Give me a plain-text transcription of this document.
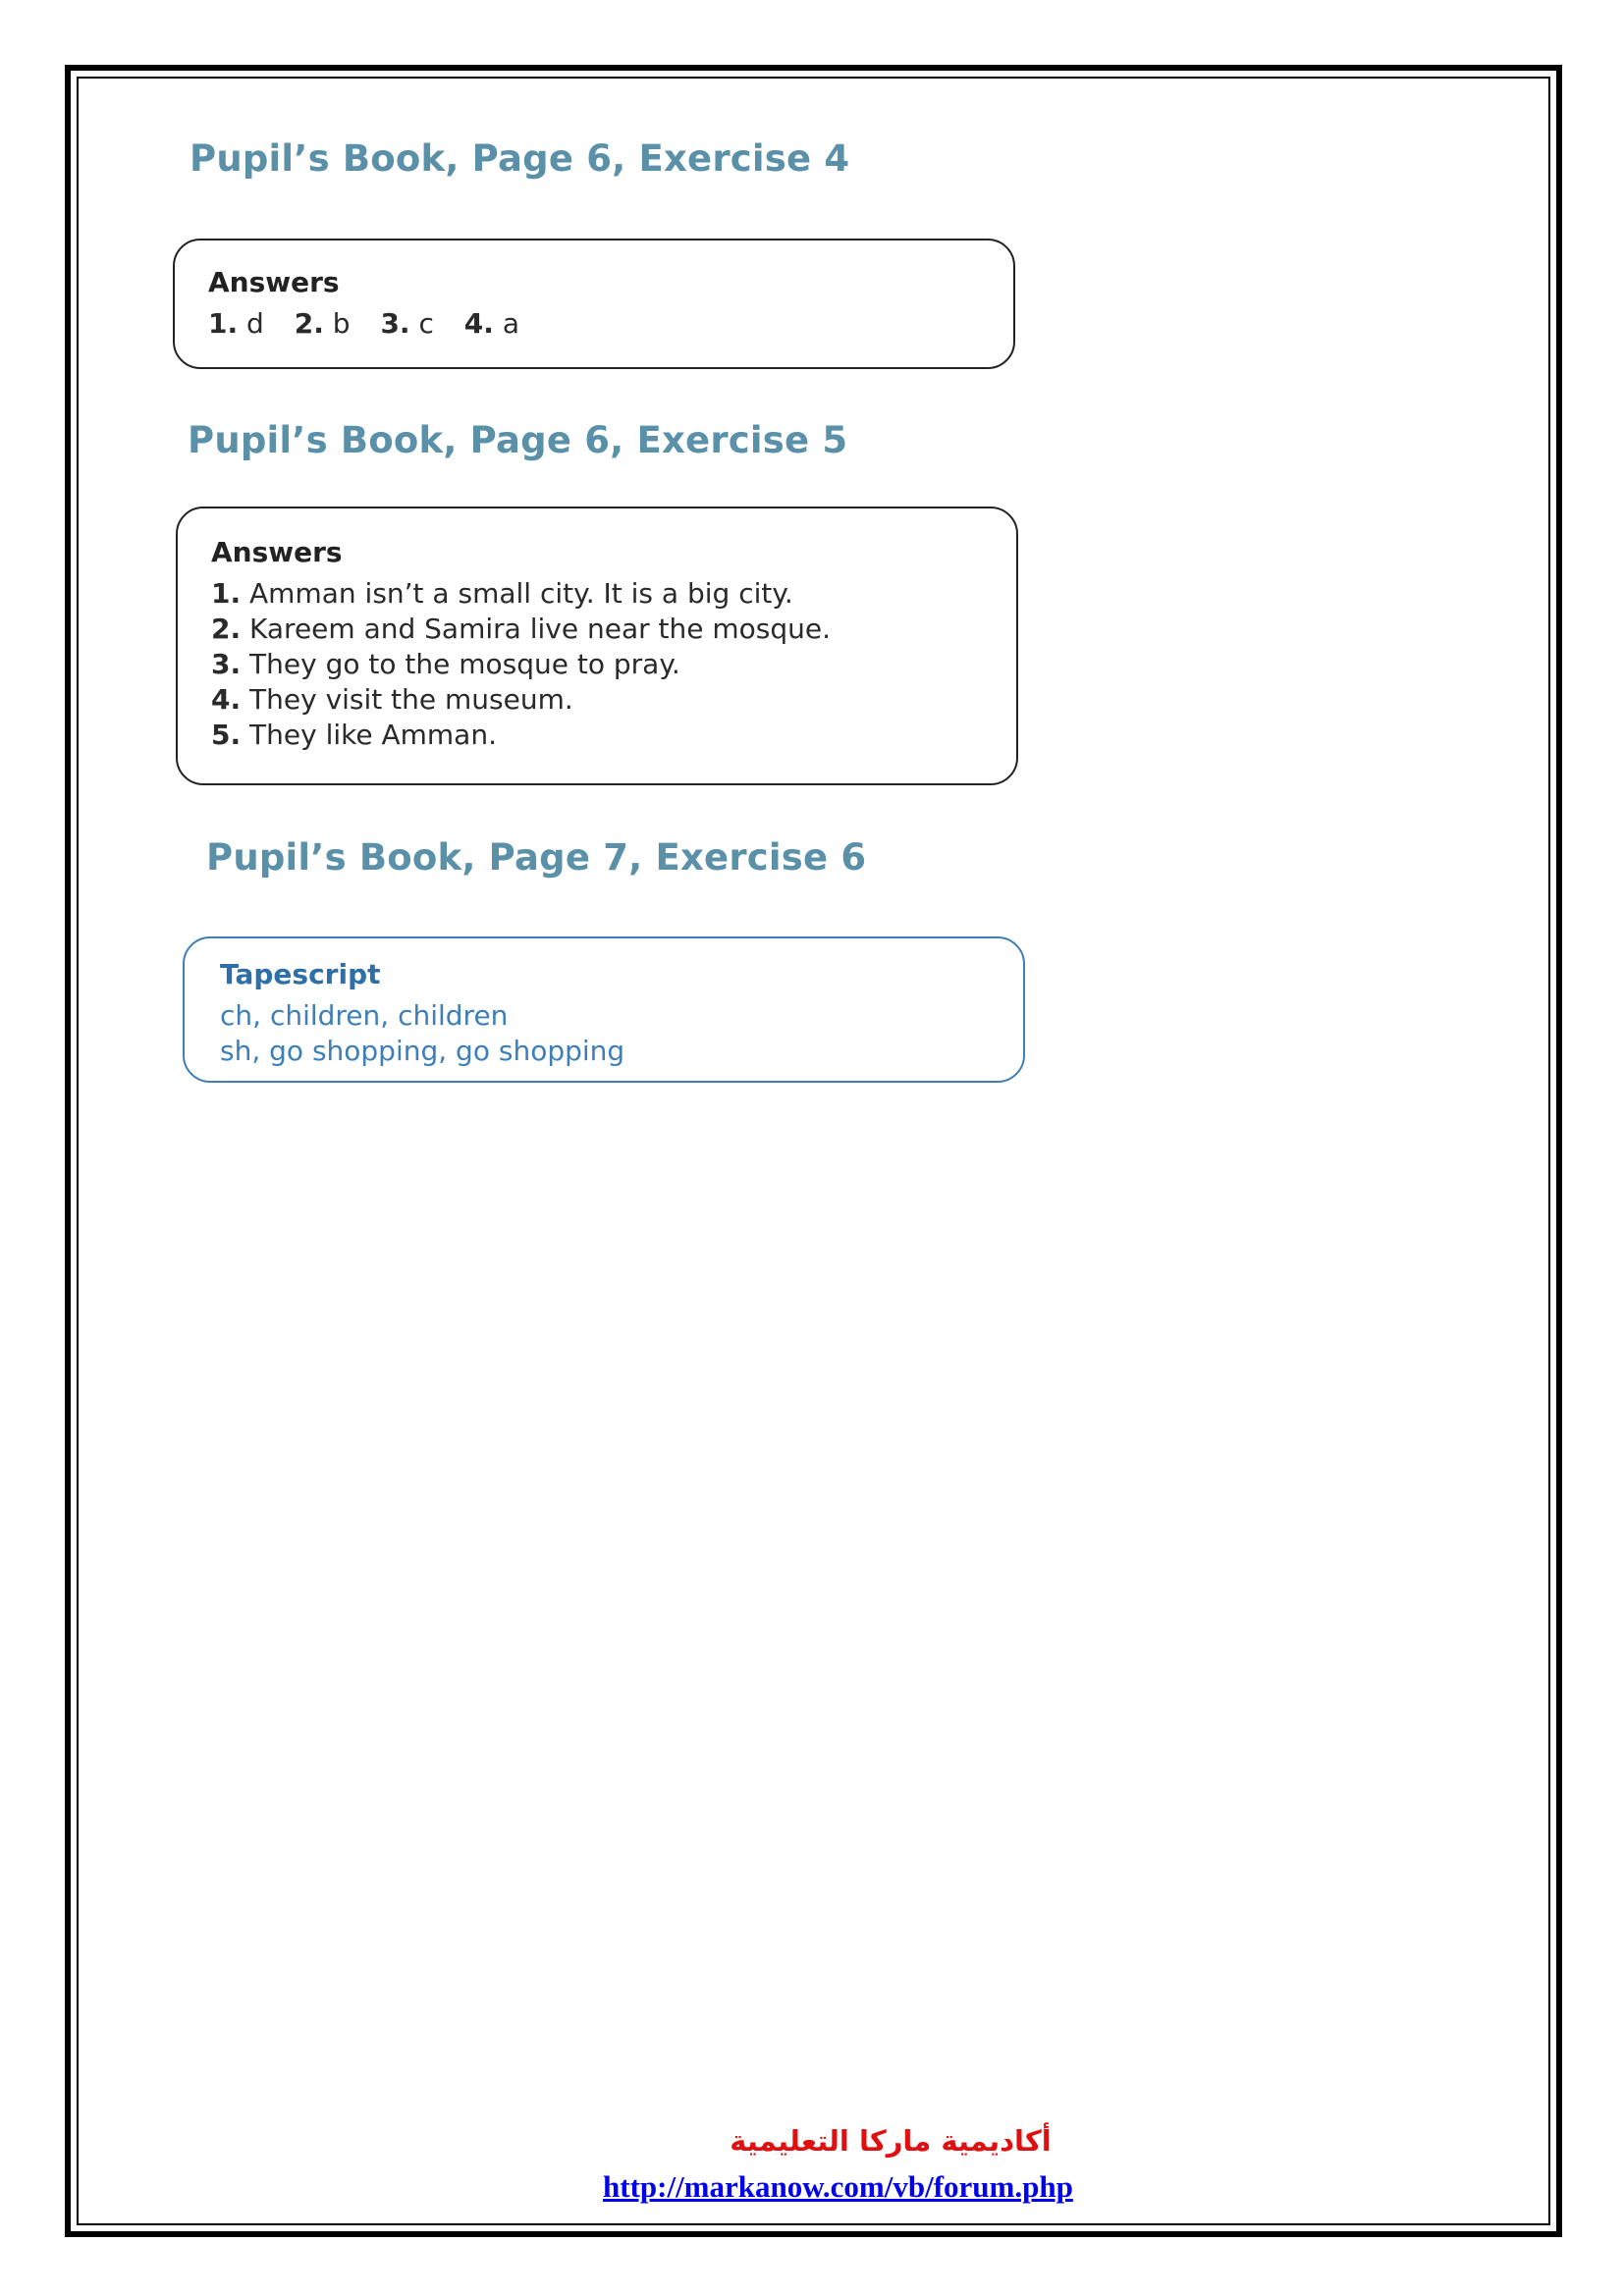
Pupil’s Book, Page 6, Exercise 4
Answers
1. d 2. b 3. c 4. a
Pupil’s Book, Page 6, Exercise 5
Answers
1. Amman isn’t a small city. It is a big city.
2. Kareem and Samira live near the mosque.
3. They go to the mosque to pray.
4. They visit the museum.
5. They like Amman.
Pupil’s Book, Page 7, Exercise 6
Tapescript
ch, children, children
sh, go shopping, go shopping
أكاديمية ماركا التعليمية
http://markanow.com/vb/forum.php
